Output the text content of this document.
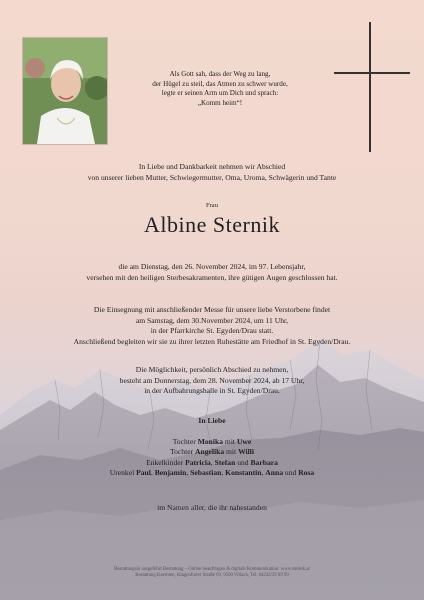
Als Gott sah, dass der Weg zu lang,
der Hügel zu steil, das Atmen zu schwer wurde,
legte er seinen Arm um Dich und sprach:
„Komm heim“!
In Liebe und Dankbarkeit nehmen wir Abschied
von unserer lieben Mutter, Schwiegermutter, Oma, Uroma, Schwägerin und Tante
Frau
Albine Sternik
die am Dienstag, den 26. November 2024, im 97. Lebensjahr,
versehen mit den heiligen Sterbesakramenten, ihre gütigen Augen geschlossen hat.
Die Einsegnung mit anschließender Messe für unsere liebe Verstorbene findet
am Samstag, dem 30.November 2024, um 11 Uhr,
in der Pfarrkirche St. Egyden/Drau statt.
Anschließend begleiten wir sie zu ihrer letzten Ruhestätte am Friedhof in St. Egyden/Drau.
Die Möglichkeit, persönlich Abschied zu nehmen,
besteht am Donnerstag, dem 28. November 2024, ab 17 Uhr,
in der Aufbahrungshalle in St. Egyden/Drau.
In Liebe
Tochter Monika mit Uwe
Tochter Angelika mit Willi
Enkelkinder Patricia, Stefan und Barbara
Urenkel Paul, Benjamin, Sebastian, Konstantin, Anna und Rosa
im Namen aller, die ihr nahestanden
Bestattungsin ausgeführt Bestattung – Online beauftragen & digitale Kommunikation: www.sternik.at
Bestattung Kaernten, Klagenfurter Straße 69, 9500 Villach, Tel. 04242/29 99 99
